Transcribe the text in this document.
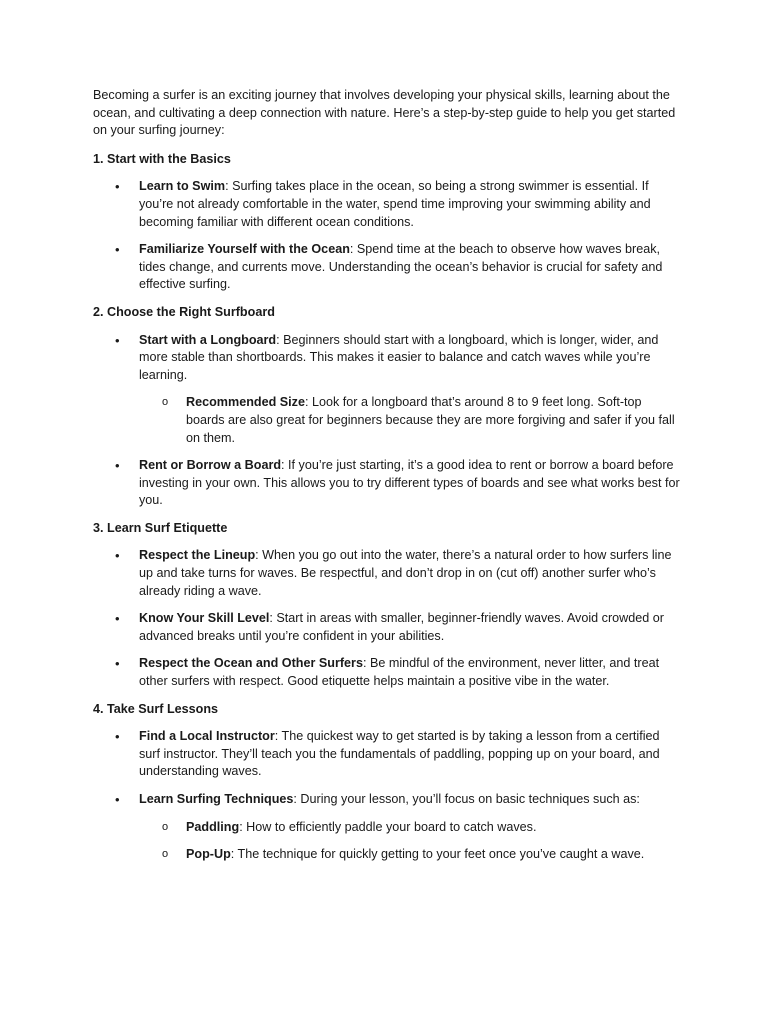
Becoming a surfer is an exciting journey that involves developing your physical skills, learning about the ocean, and cultivating a deep connection with nature. Here’s a step-by-step guide to help you get started on your surfing journey:

1. Start with the Basics

• Learn to Swim: Surfing takes place in the ocean, so being a strong swimmer is essential. If you’re not already comfortable in the water, spend time improving your swimming ability and becoming familiar with different ocean conditions.
• Familiarize Yourself with the Ocean: Spend time at the beach to observe how waves break, tides change, and currents move. Understanding the ocean’s behavior is crucial for safety and effective surfing.

2. Choose the Right Surfboard

• Start with a Longboard: Beginners should start with a longboard, which is longer, wider, and more stable than shortboards. This makes it easier to balance and catch waves while you’re learning.
o Recommended Size: Look for a longboard that’s around 8 to 9 feet long. Soft-top boards are also great for beginners because they are more forgiving and safer if you fall on them.
• Rent or Borrow a Board: If you’re just starting, it’s a good idea to rent or borrow a board before investing in your own. This allows you to try different types of boards and see what works best for you.

3. Learn Surf Etiquette

• Respect the Lineup: When you go out into the water, there’s a natural order to how surfers line up and take turns for waves. Be respectful, and don’t drop in on (cut off) another surfer who’s already riding a wave.
• Know Your Skill Level: Start in areas with smaller, beginner-friendly waves. Avoid crowded or advanced breaks until you’re confident in your abilities.
• Respect the Ocean and Other Surfers: Be mindful of the environment, never litter, and treat other surfers with respect. Good etiquette helps maintain a positive vibe in the water.

4. Take Surf Lessons

• Find a Local Instructor: The quickest way to get started is by taking a lesson from a certified surf instructor. They’ll teach you the fundamentals of paddling, popping up on your board, and understanding waves.
• Learn Surfing Techniques: During your lesson, you’ll focus on basic techniques such as:
o Paddling: How to efficiently paddle your board to catch waves.
o Pop-Up: The technique for quickly getting to your feet once you’ve caught a wave.
